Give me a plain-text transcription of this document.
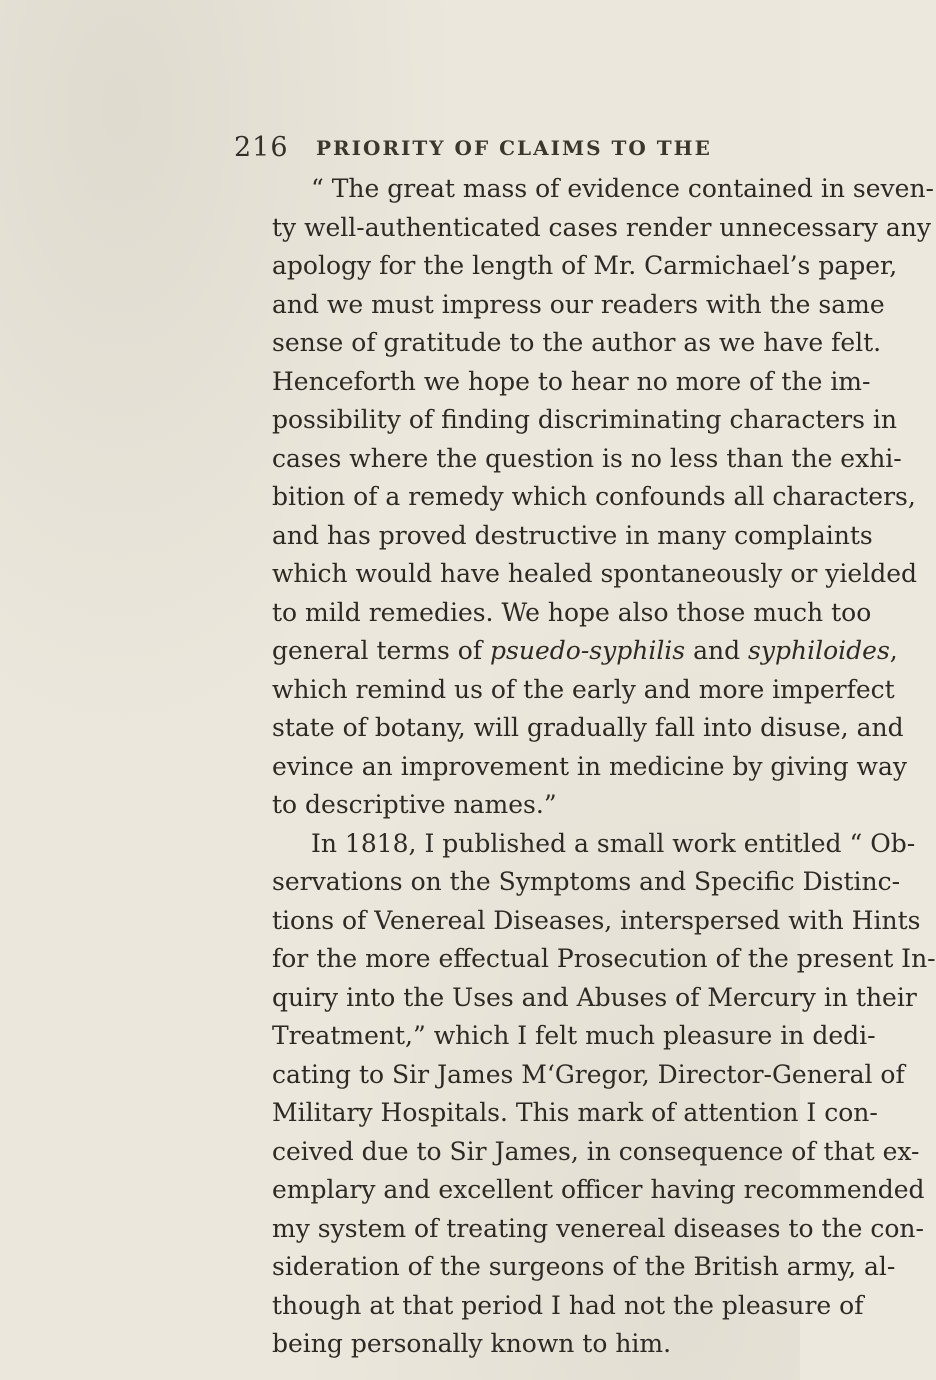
216 PRIORITY OF CLAIMS TO THE
“ The great mass of evidence contained in seven-
ty well-authenticated cases render unnecessary any
apology for the length of Mr. Carmichael’s paper,
and we must impress our readers with the same
sense of gratitude to the author as we have felt.
Henceforth we hope to hear no more of the im-
possibility of finding discriminating characters in
cases where the question is no less than the exhi-
bition of a remedy which confounds all characters,
and has proved destructive in many complaints
which would have healed spontaneously or yielded
to mild remedies. We hope also those much too
general terms of psuedo-syphilis and syphiloides,
which remind us of the early and more imperfect
state of botany, will gradually fall into disuse, and
evince an improvement in medicine by giving way
to descriptive names.”
In 1818, I published a small work entitled “ Ob-
servations on the Symptoms and Specific Distinc-
tions of Venereal Diseases, interspersed with Hints
for the more effectual Prosecution of the present In-
quiry into the Uses and Abuses of Mercury in their
Treatment,” which I felt much pleasure in dedi-
cating to Sir James M‘Gregor, Director-General of
Military Hospitals. This mark of attention I con-
ceived due to Sir James, in consequence of that ex-
emplary and excellent officer having recommended
my system of treating venereal diseases to the con-
sideration of the surgeons of the British army, al-
though at that period I had not the pleasure of
being personally known to him.
